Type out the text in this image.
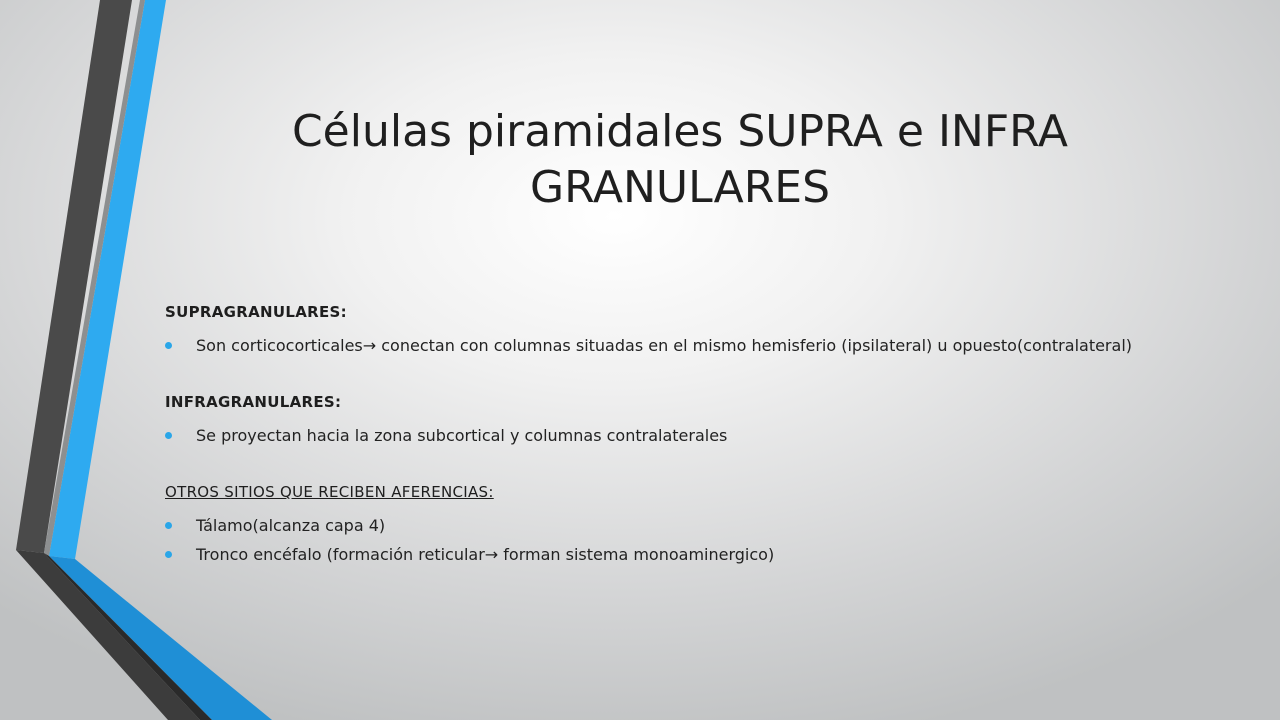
Células piramidales SUPRA e INFRA GRANULARES
SUPRAGRANULARES:
Son corticocorticales→ conectan con columnas situadas en el mismo hemisferio (ipsilateral) u opuesto(contralateral)
INFRAGRANULARES:
Se proyectan hacia la zona subcortical y columnas contralaterales
OTROS SITIOS QUE RECIBEN AFERENCIAS:
Tálamo(alcanza capa 4)
Tronco encéfalo (formación reticular→ forman sistema monoaminergico)
